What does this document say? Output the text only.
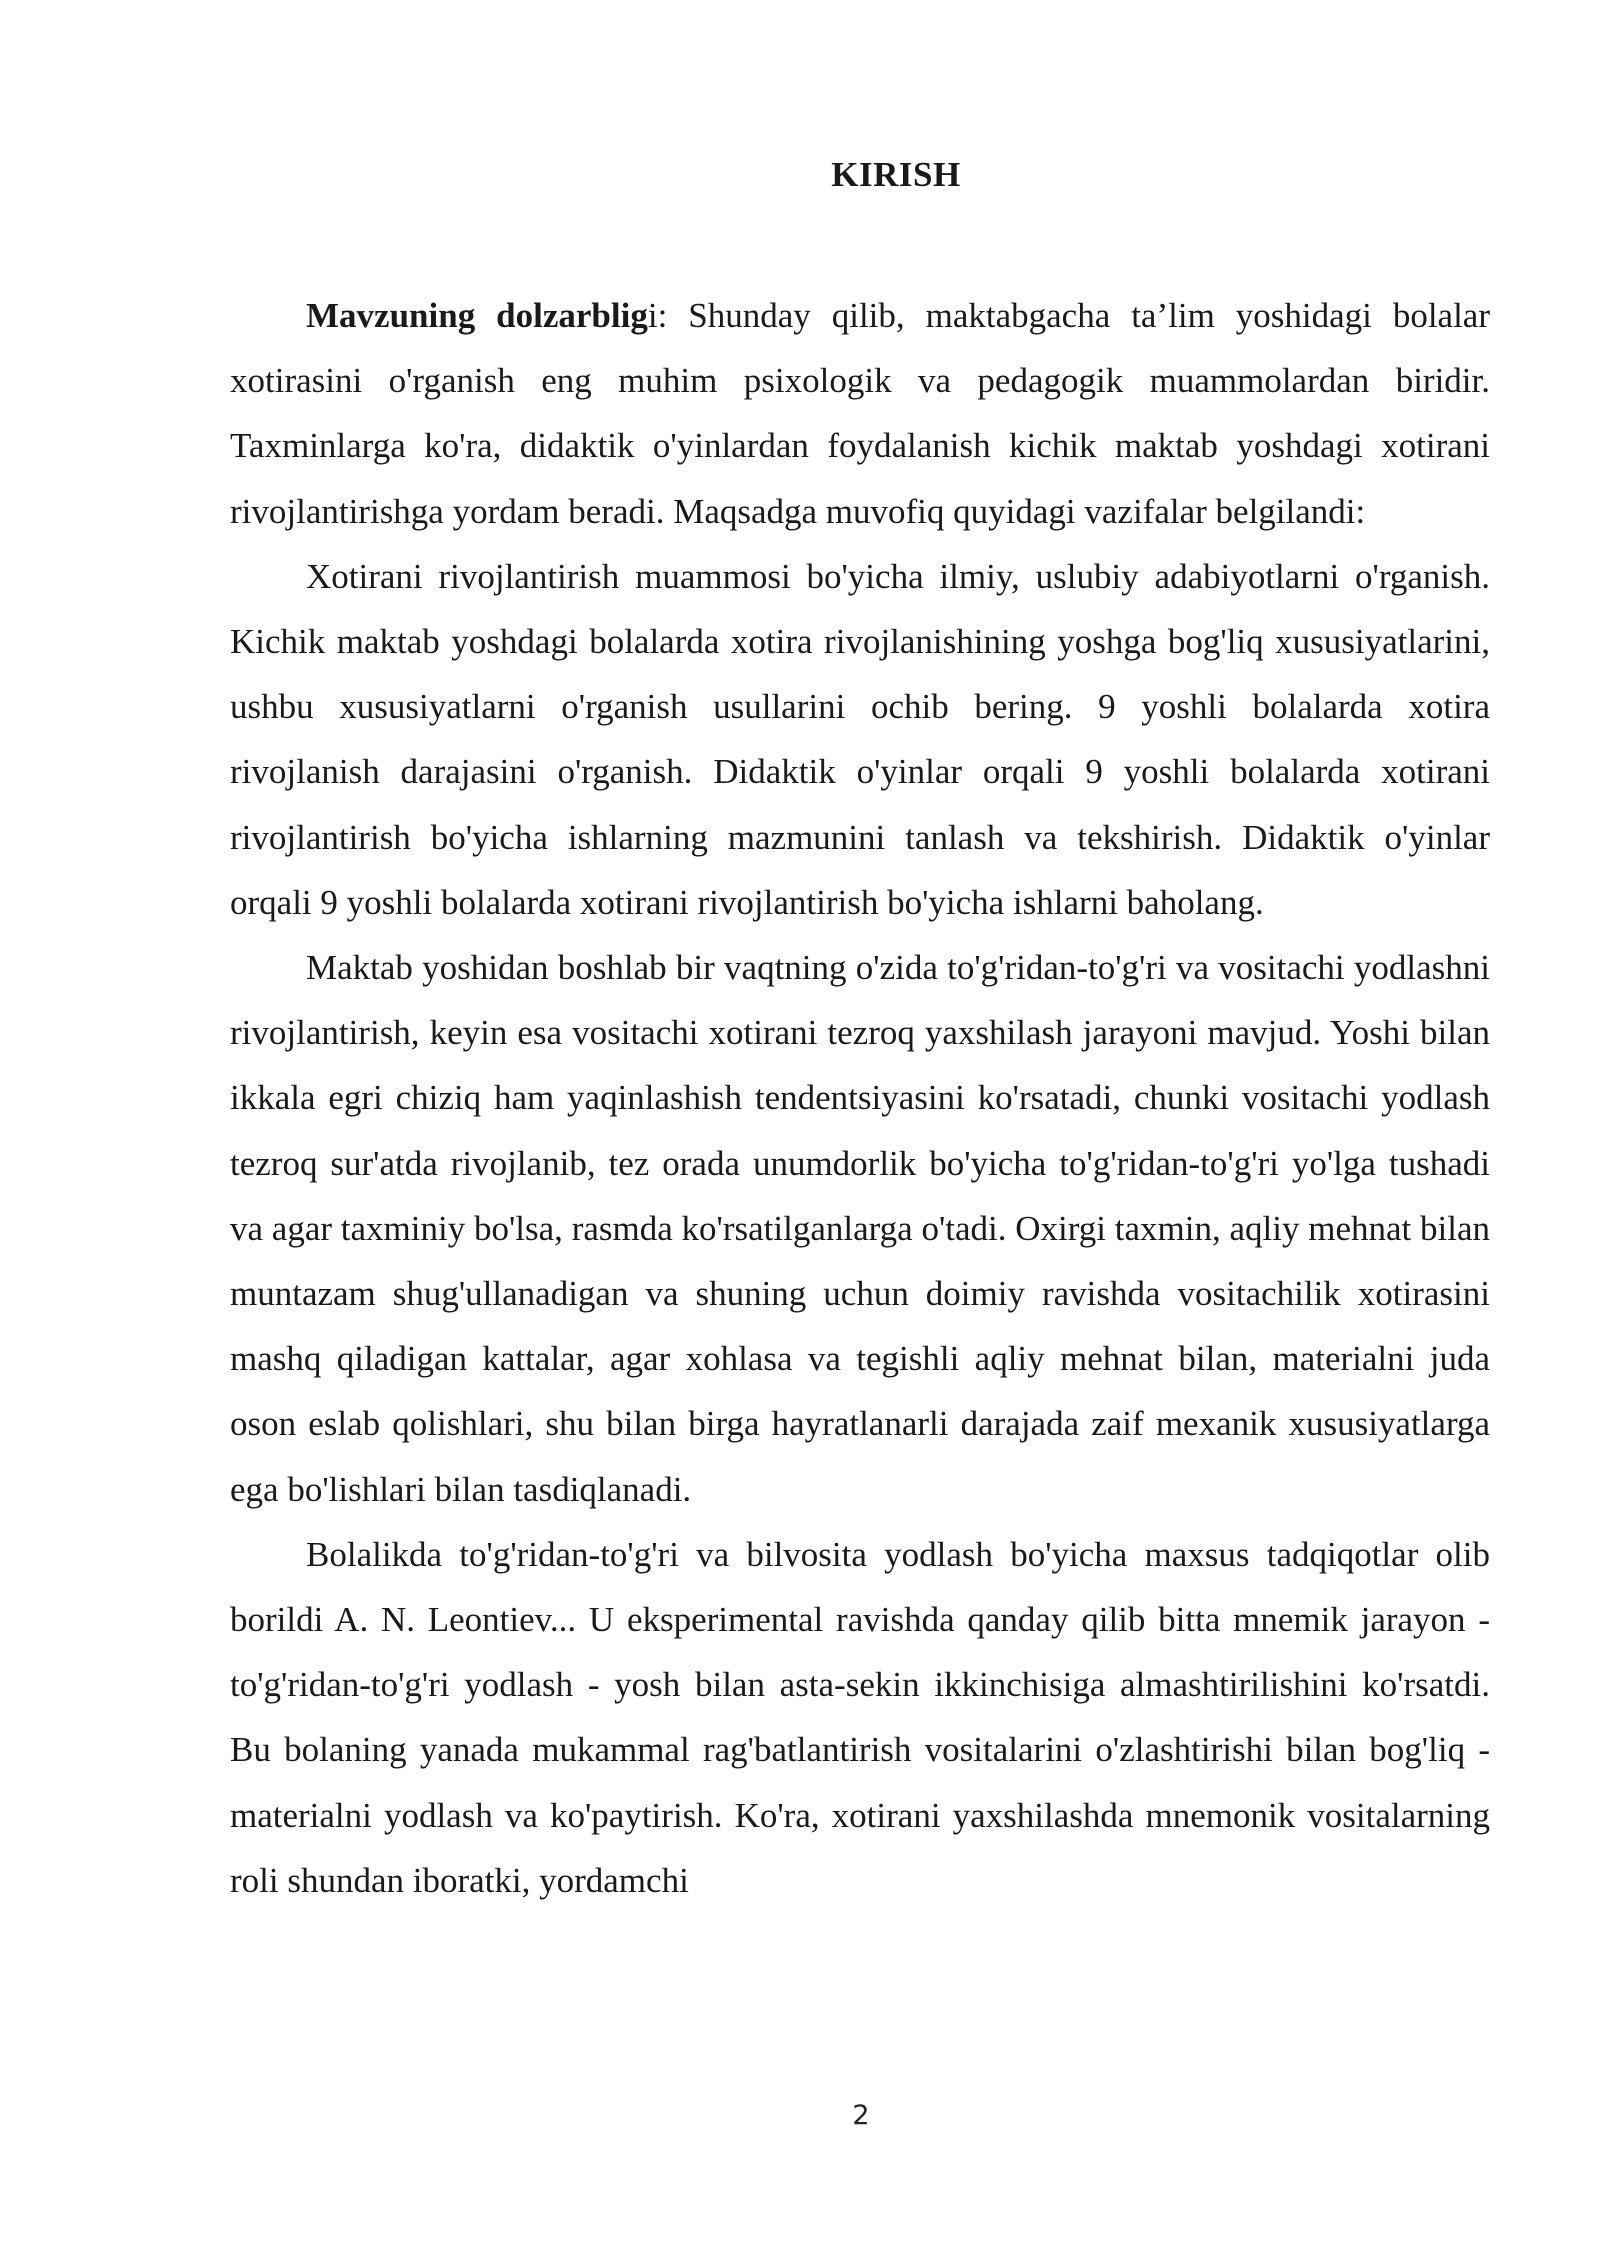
KIRISH

Mavzuning dolzarbligi: Shunday qilib, maktabgacha ta’lim yoshidagi bolalar xotirasini o'rganish eng muhim psixologik va pedagogik muammolardan biridir. Taxminlarga ko'ra, didaktik o'yinlardan foydalanish kichik maktab yoshdagi xotirani rivojlantirishga yordam beradi. Maqsadga muvofiq quyidagi vazifalar belgilandi:

Xotirani rivojlantirish muammosi bo'yicha ilmiy, uslubiy adabiyotlarni o'rganish. Kichik maktab yoshdagi bolalarda xotira rivojlanishining yoshga bog'liq xususiyatlarini, ushbu xususiyatlarni o'rganish usullarini ochib bering. 9 yoshli bolalarda xotira rivojlanish darajasini o'rganish. Didaktik o'yinlar orqali 9 yoshli bolalarda xotirani rivojlantirish bo'yicha ishlarning mazmunini tanlash va tekshirish. Didaktik o'yinlar orqali 9 yoshli bolalarda xotirani rivojlantirish bo'yicha ishlarni baholang.

Maktab yoshidan boshlab bir vaqtning o'zida to'g'ridan-to'g'ri va vositachi yodlashni rivojlantirish, keyin esa vositachi xotirani tezroq yaxshilash jarayoni mavjud. Yoshi bilan ikkala egri chiziq ham yaqinlashish tendentsiyasini ko'rsatadi, chunki vositachi yodlash tezroq sur'atda rivojlanib, tez orada unumdorlik bo'yicha to'g'ridan-to'g'ri yo'lga tushadi va agar taxminiy bo'lsa, rasmda ko'rsatilganlarga o'tadi. Oxirgi taxmin, aqliy mehnat bilan muntazam shug'ullanadigan va shuning uchun doimiy ravishda vositachilik xotirasini mashq qiladigan kattalar, agar xohlasa va tegishli aqliy mehnat bilan, materialni juda oson eslab qolishlari, shu bilan birga hayratlanarli darajada zaif mexanik xususiyatlarga ega bo'lishlari bilan tasdiqlanadi.

Bolalikda to'g'ridan-to'g'ri va bilvosita yodlash bo'yicha maxsus tadqiqotlar olib borildi A. N. Leontiev... U eksperimental ravishda qanday qilib bitta mnemik jarayon - to'g'ridan-to'g'ri yodlash - yosh bilan asta-sekin ikkinchisiga almashtirilishini ko'rsatdi. Bu bolaning yanada mukammal rag'batlantirish vositalarini o'zlashtirishi bilan bog'liq - materialni yodlash va ko'paytirish. Ko'ra, xotirani yaxshilashda mnemonik vositalarning roli shundan iboratki, yordamchi

2
